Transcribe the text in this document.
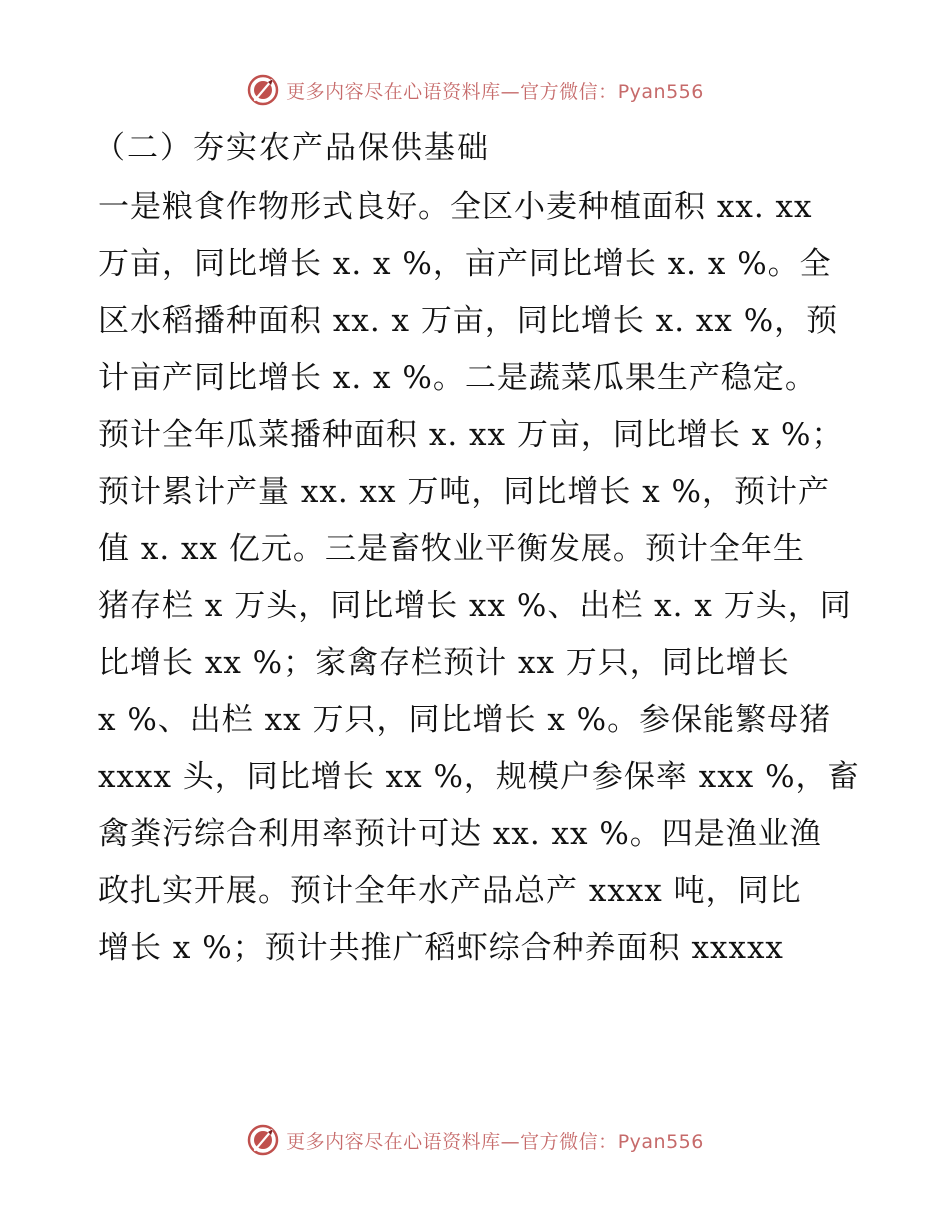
更多内容尽在心语资料库—官方微信：Pyan556
（二）夯实农产品保供基础
一是粮食作物形式良好。全区小麦种植面积 xx. xx
万亩，同比增长 x. x %，亩产同比增长 x. x %。全
区水稻播种面积 xx. x 万亩，同比增长 x. xx %，预
计亩产同比增长 x. x %。二是蔬菜瓜果生产稳定。
预计全年瓜菜播种面积 x. xx 万亩，同比增长 x %；
预计累计产量 xx. xx 万吨，同比增长 x %，预计产
值 x. xx 亿元。三是畜牧业平衡发展。预计全年生
猪存栏 x 万头，同比增长 xx %、出栏 x. x 万头，同
比增长 xx %；家禽存栏预计 xx 万只，同比增长
x %、出栏 xx 万只，同比增长 x %。参保能繁母猪
xxxx 头，同比增长 xx %，规模户参保率 xxx %，畜
禽粪污综合利用率预计可达 xx. xx %。四是渔业渔
政扎实开展。预计全年水产品总产 xxxx 吨，同比
增长 x %；预计共推广稻虾综合种养面积 xxxxx
更多内容尽在心语资料库—官方微信：Pyan556
